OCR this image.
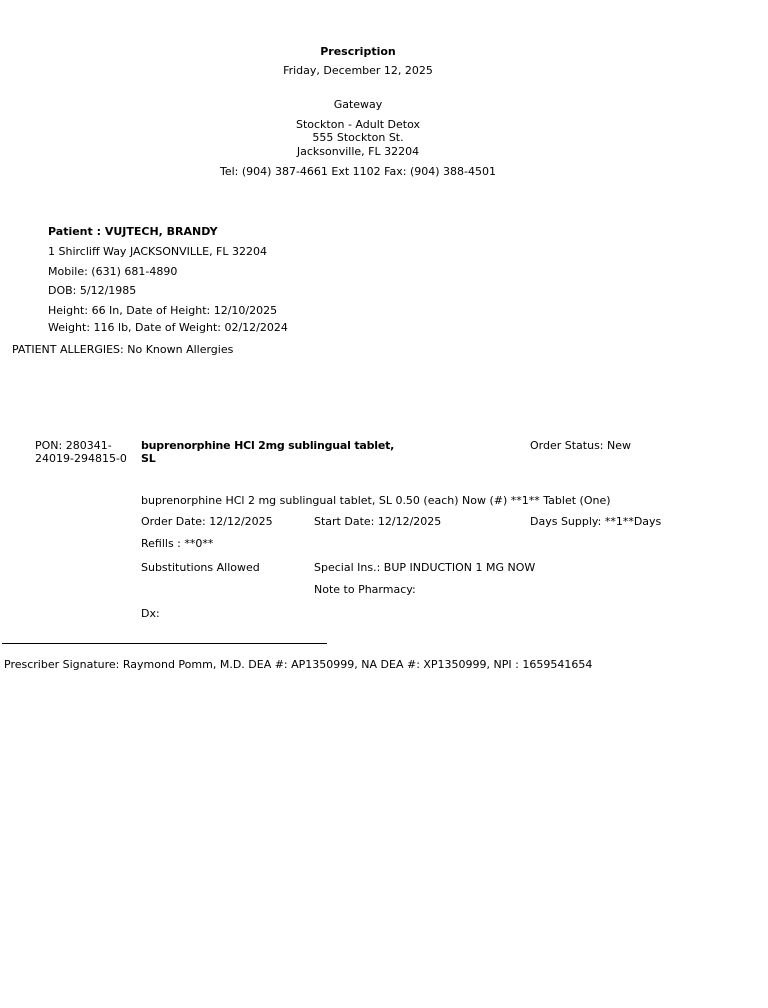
Prescription
Friday, December 12, 2025
Gateway
Stockton - Adult Detox
555 Stockton St.
Jacksonville, FL 32204
Tel: (904) 387-4661 Ext 1102 Fax: (904) 388-4501
Patient : VUJTECH, BRANDY
1 Shircliff Way JACKSONVILLE, FL 32204
Mobile: (631) 681-4890
DOB: 5/12/1985
Height: 66 In, Date of Height: 12/10/2025
Weight: 116 lb, Date of Weight: 02/12/2024
PATIENT ALLERGIES: No Known Allergies
PON: 280341-
24019-294815-0
buprenorphine HCl 2mg sublingual tablet,
SL
Order Status: New
buprenorphine HCl 2 mg sublingual tablet, SL 0.50 (each) Now (#) **1** Tablet (One)
Order Date: 12/12/2025	Start Date: 12/12/2025	Days Supply: **1**Days
Refills : **0**
Substitutions Allowed	Special Ins.: BUP INDUCTION 1 MG NOW
Note to Pharmacy:
Dx:
Prescriber Signature: Raymond Pomm, M.D. DEA #: AP1350999, NA DEA #: XP1350999, NPI : 1659541654
